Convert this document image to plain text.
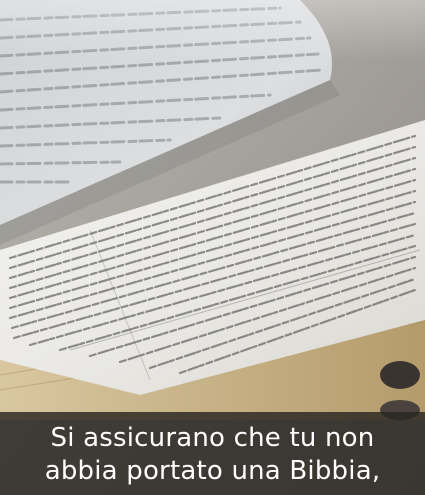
Si assicurano che tu non
abbia portato una Bibbia,
